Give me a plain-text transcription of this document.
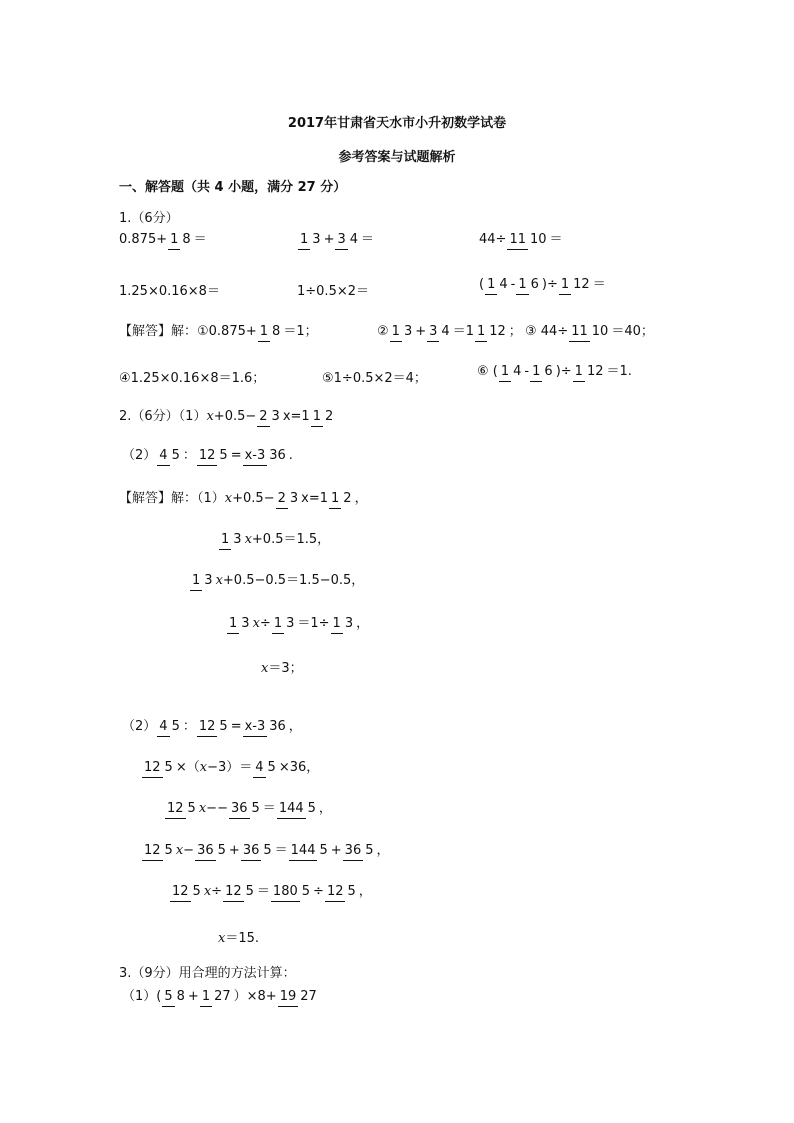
2017年甘肃省天水市小升初数学试卷
参考答案与试题解析
一、解答题（共 4 小题，满分 27 分）
1.（6分）
0.875+ 1 8 ＝	1 3 + 3 4 ＝	44÷ 11 10 ＝
1.25×0.16×8＝	1÷0.5×2＝	( 1 4 - 1 6 )÷ 1 12 ＝
【解答】解：①0.875+ 1 8 ＝1；	② 1 3 + 3 4 ＝1 1 12 ； ③ 44÷ 11 10 ＝40；
④1.25×0.16×8＝1.6；	⑤1÷0.5×2＝4；	⑥ ( 1 4 - 1 6 )÷ 1 12 ＝1.
2.（6分）（1） x +0.5− 2 3 x=1 1 2
（2） 4 5 ： 12 5 = x-3 36 .
【解答】解：（1） x +0.5− 2 3 x=1 1 2 ，
1 3 x +0.5＝1.5，
1 3 x +0.5−0.5＝1.5−0.5，
1 3 x ÷ 1 3 ＝1÷ 1 3 ，
x ＝3；
（2） 4 5 ： 12 5 = x-3 36 ，
12 5 ×（ x −3）＝ 4 5 ×36，
12 5 x −− 36 5 ＝ 144 5 ，
12 5 x − 36 5 + 36 5 ＝ 144 5 + 36 5 ，
12 5 x ÷ 12 5 ＝ 180 5 ÷ 12 5 ，
x ＝15.
3.（9分）用合理的方法计算：
（1）( 5 8 + 1 27 ）×8+ 19 27
